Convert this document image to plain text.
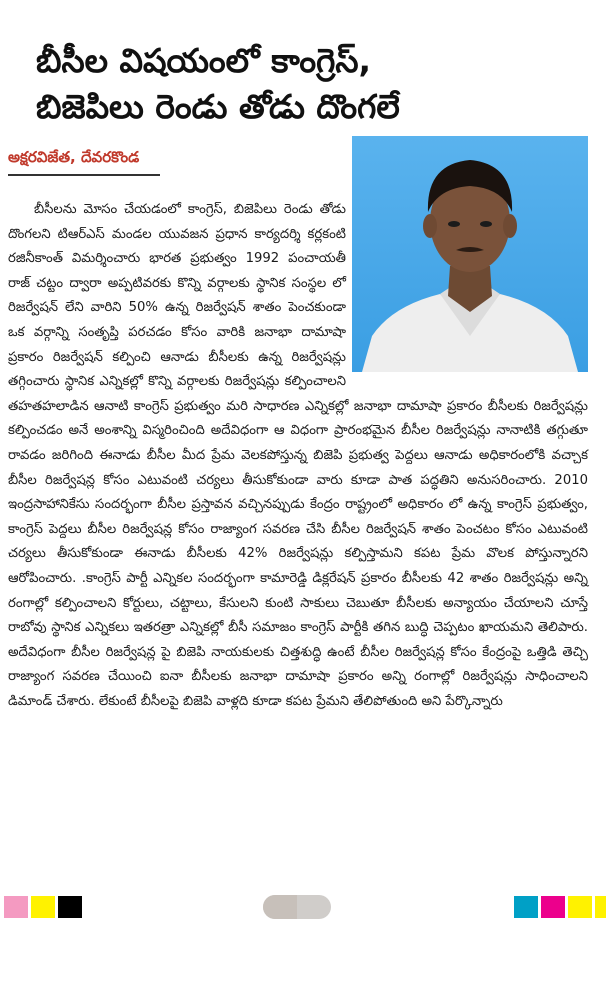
బీసీల విషయంలో కాంగ్రెస్,
బిజెపిలు రెండు తోడు దొంగలే
అక్షరవిజేత, దేవరకొండ

బీసీలను మోసం చేయడంలో కాంగ్రెస్, బిజెపిలు రెండు తోడు దొంగలని టిఆర్ఎస్ మండల యువజన ప్రధాన కార్యదర్శి కర్లకంటి రజినీకాంత్ విమర్శించారు భారత ప్రభుత్వం 1992 పంచాయతీ రాజ్ చట్టం ద్వారా అప్పటివరకు కొన్ని వర్గాలకు స్థానిక సంస్థల లో రిజర్వేషన్ లేని వారిని 50% ఉన్న రిజర్వేషన్ శాతం పెంచకుండా ఒక వర్గాన్ని సంతృప్తి పరచడం కోసం వారికి జనాభా దామాషా ప్రకారం రిజర్వేషన్ కల్పించి ఆనాడు బీసీలకు ఉన్న రిజర్వేషన్లు తగ్గించారు స్థానిక ఎన్నికల్లో కొన్ని వర్గాలకు రిజర్వేషన్లు కల్పించాలని తహతహలాడిన ఆనాటి కాంగ్రెస్ ప్రభుత్వం మరి సాధారణ ఎన్నికల్లో జనాభా దామాషా ప్రకారం బీసీలకు రిజర్వేషన్లు కల్పించడం అనే అంశాన్ని విస్మరించింది అదేవిధంగా ఆ విధంగా ప్రారంభమైన బీసీల రిజర్వేషన్లు నానాటికి తగ్గుతూ రావడం జరిగింది ఈనాడు బీసీల మీద ప్రేమ వెలకపోస్తున్న బిజెపి ప్రభుత్వ పెద్దలు ఆనాడు అధికారంలోకి వచ్చాక బీసీల రిజర్వేషన్ల కోసం ఎటువంటి చర్యలు తీసుకోకుండా వారు కూడా పాత పద్ధతిని అనుసరించారు. 2010 ఇంద్రసాహానికేసు సందర్భంగా బీసీల ప్రస్తావన వచ్చినప్పుడు కేంద్రం రాష్ట్రంలో అధికారం లో ఉన్న కాంగ్రెస్ ప్రభుత్వం, కాంగ్రెస్ పెద్దలు బీసీల రిజర్వేషన్ల కోసం రాజ్యాంగ సవరణ చేసి బీసీల రిజర్వేషన్ శాతం పెంచటం కోసం ఎటువంటి చర్యలు తీసుకోకుండా ఈనాడు బీసీలకు 42% రిజర్వేషన్లు కల్పిస్తామని కపట ప్రేమ వొలక పోస్తున్నారని ఆరోపించారు. .కాంగ్రెస్ పార్టీ ఎన్నికల సందర్భంగా కామారెడ్డి డిక్లరేషన్ ప్రకారం బీసీలకు 42 శాతం రిజర్వేషన్లు అన్ని రంగాల్లో కల్పించాలని కోర్టులు, చట్టాలు, కేసులని కుంటి సాకులు చెబుతూ బీసీలకు అన్యాయం చేయాలని చూస్తే రాబోవు స్థానిక ఎన్నికలు ఇతరత్రా ఎన్నికల్లో బీసీ సమాజం కాంగ్రెస్ పార్టీకి తగిన బుద్ధి చెప్పటం ఖాయమని తెలిపారు. అదేవిధంగా బీసీల రిజర్వేషన్ల పై బిజెపి నాయకులకు చిత్తశుద్ధి ఉంటే బీసీల రిజర్వేషన్ల కోసం కేంద్రంపై ఒత్తిడి తెచ్చి రాజ్యాంగ సవరణ చేయించి ఐనా బీసీలకు జనాభా దామాషా ప్రకారం అన్ని రంగాల్లో రిజర్వేషన్లు సాధించాలని డిమాండ్ చేశారు. లేకుంటే బీసీలపై బిజెపి వాళ్లది కూడా కపట ప్రేమని తేలిపోతుంది అని పేర్కొన్నారు
